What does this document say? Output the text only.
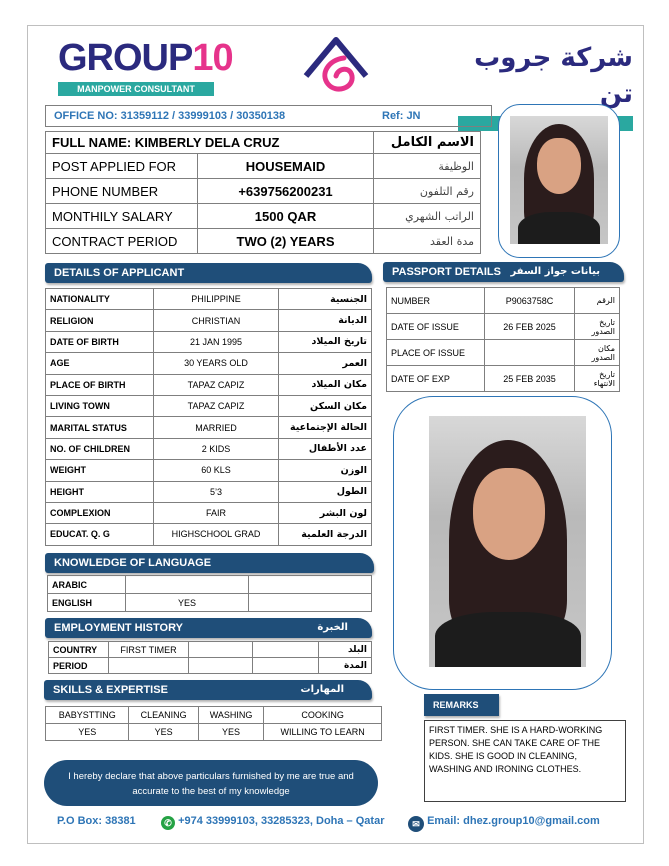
GROUP10
MANPOWER CONSULTANT
شركة جروب تن
OFFICE NO: 31359112 / 33999103 / 30350138	Ref: JN
FULL NAME: KIMBERLY DELA CRUZ		الاسم الكامل
POST APPLIED FOR	HOUSEMAID	الوظيفة
PHONE NUMBER	+639756200231	رقم التلفون
MONTHILY SALARY	1500 QAR	الراتب الشهري
CONTRACT PERIOD	TWO (2) YEARS	مدة العقد
DETAILS OF APPLICANT
NATIONALITY	PHILIPPINE	الجنسية
RELIGION	CHRISTIAN	الديانة
DATE OF BIRTH	21 JAN 1995	تاريخ الميلاد
AGE	30 YEARS OLD	العمر
PLACE OF BIRTH	TAPAZ CAPIZ	مكان الميلاد
LIVING TOWN	TAPAZ CAPIZ	مكان السكن
MARITAL STATUS	MARRIED	الحالة الإجتماعية
NO. OF CHILDREN	2 KIDS	عدد الأطفال
WEIGHT	60 KLS	الوزن
HEIGHT	5’3	الطول
COMPLEXION	FAIR	لون البشر
EDUCAT. Q. G	HIGHSCHOOL GRAD	الدرجة العلمية
PASSPORT DETAILS بيانات جواز السفر
NUMBER	P9063758C	الرقم
DATE OF ISSUE	26 FEB 2025	تاريخ الصدور
PLACE OF ISSUE		مكان الصدور
DATE OF EXP	25 FEB 2035	تاريخ الانتهاء
KNOWLEDGE OF LANGUAGE
ARABIC		
ENGLISH	YES	
EMPLOYMENT HISTORY	الخبرة
COUNTRY	FIRST TIMER			البلد
PERIOD				المدة
SKILLS & EXPERTISE	المهارات
BABYSTTING	CLEANING	WASHING	COOKING
YES	YES	YES	WILLING TO LEARN
REMARKS
FIRST TIMER. SHE IS A HARD-WORKING PERSON. SHE CAN TAKE CARE OF THE KIDS. SHE IS GOOD IN CLEANING, WASHING AND IRONING CLOTHES.
I hereby declare that above particulars furnished by me are true and accurate to the best of my knowledge
P.O Box: 38381	✆ +974 33999103, 33285323, Doha – Qatar	✉ Email: dhez.group10@gmail.com
